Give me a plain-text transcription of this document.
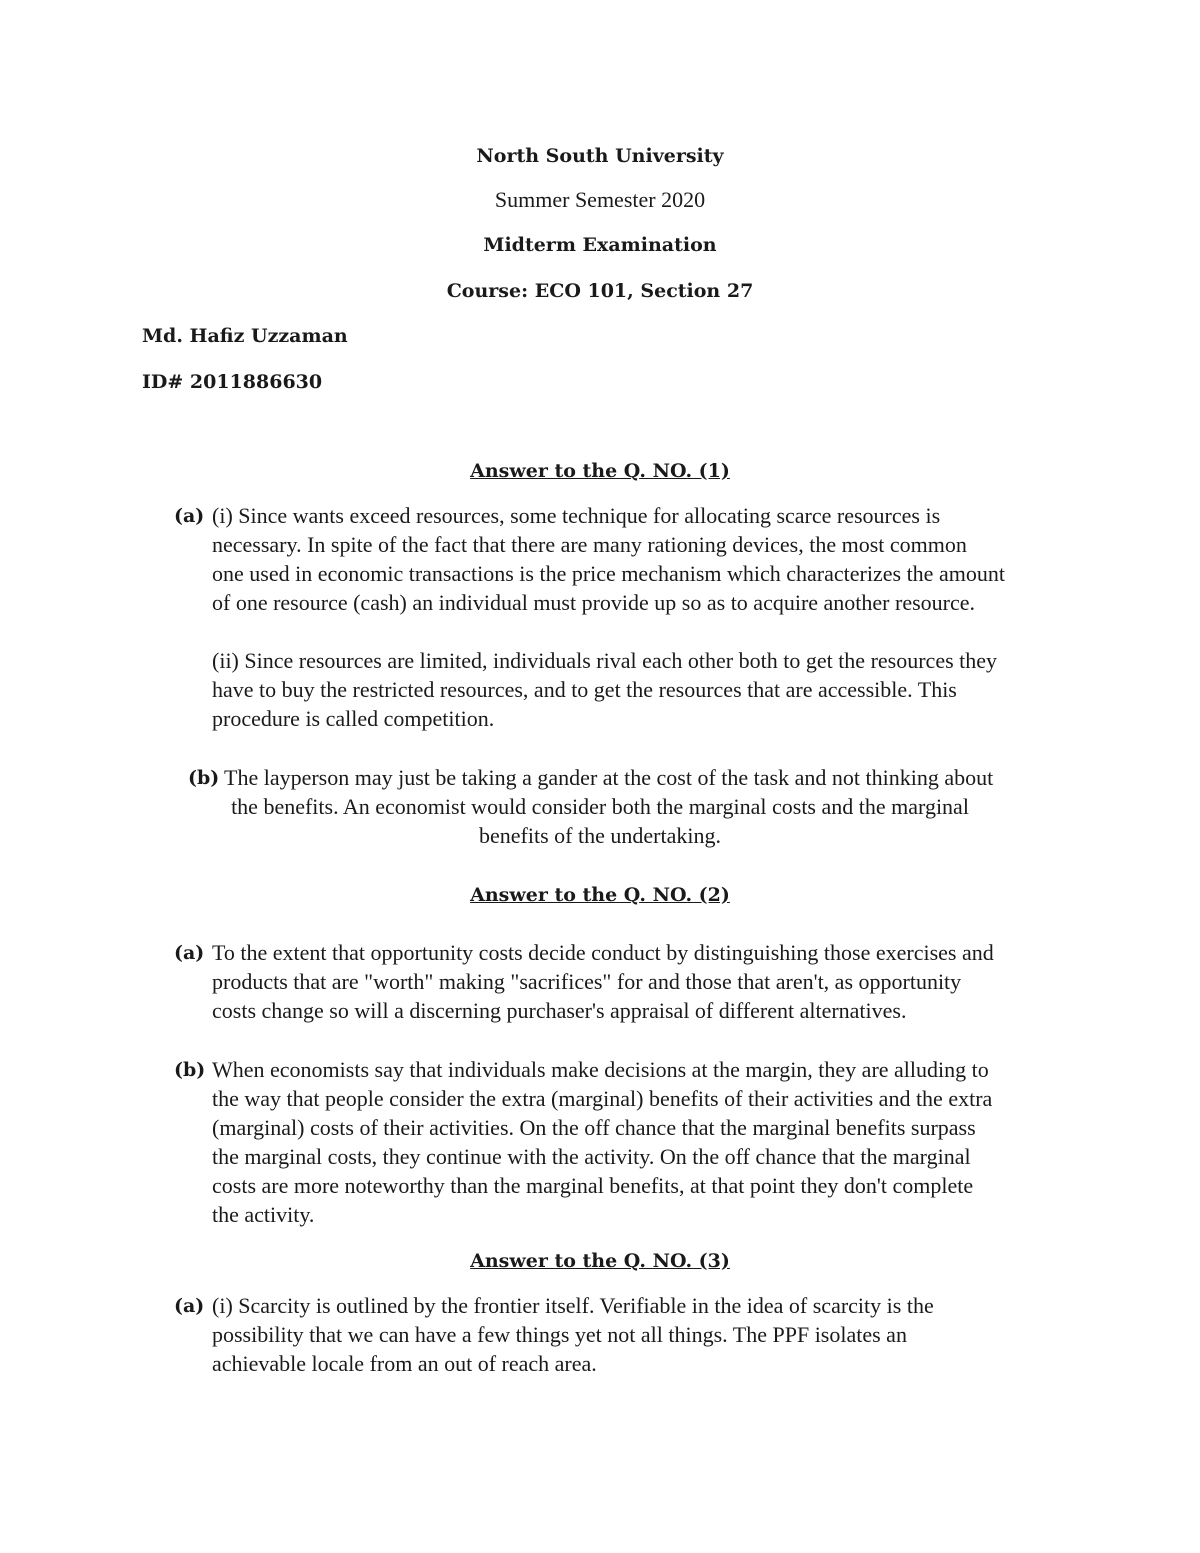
North South University
Summer Semester 2020
Midterm Examination
Course: ECO 101, Section 27
Md. Hafiz Uzzaman
ID# 2011886630
Answer to the Q. NO. (1)
(a) (i) Since wants exceed resources, some technique for allocating scarce resources is
necessary. In spite of the fact that there are many rationing devices, the most common
one used in economic transactions is the price mechanism which characterizes the amount
of one resource (cash) an individual must provide up so as to acquire another resource.
(ii) Since resources are limited, individuals rival each other both to get the resources they
have to buy the restricted resources, and to get the resources that are accessible. This
procedure is called competition.
(b) The layperson may just be taking a gander at the cost of the task and not thinking about
the benefits. An economist would consider both the marginal costs and the marginal
benefits of the undertaking.
Answer to the Q. NO. (2)
(a) To the extent that opportunity costs decide conduct by distinguishing those exercises and
products that are "worth" making "sacrifices" for and those that aren't, as opportunity
costs change so will a discerning purchaser's appraisal of different alternatives.
(b) When economists say that individuals make decisions at the margin, they are alluding to
the way that people consider the extra (marginal) benefits of their activities and the extra
(marginal) costs of their activities. On the off chance that the marginal benefits surpass
the marginal costs, they continue with the activity. On the off chance that the marginal
costs are more noteworthy than the marginal benefits, at that point they don't complete
the activity.
Answer to the Q. NO. (3)
(a) (i) Scarcity is outlined by the frontier itself. Verifiable in the idea of scarcity is the
possibility that we can have a few things yet not all things. The PPF isolates an
achievable locale from an out of reach area.
